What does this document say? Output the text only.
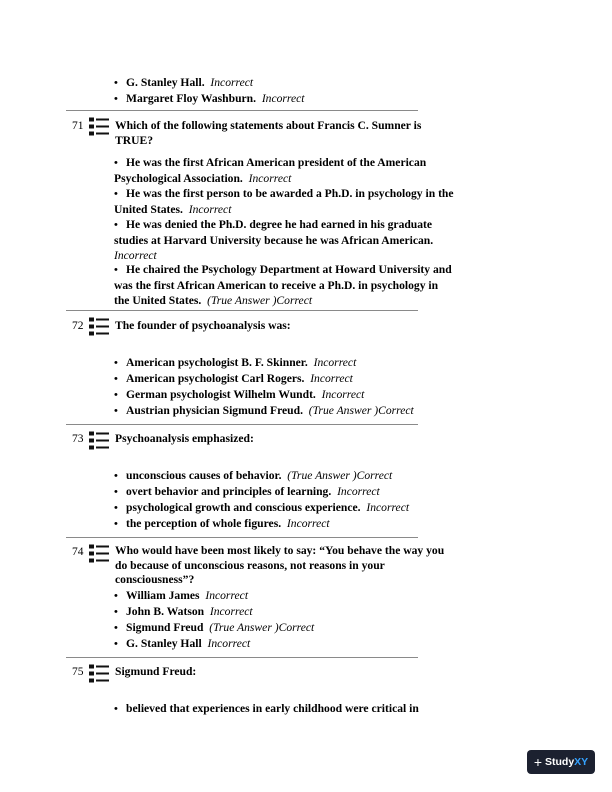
• G. Stanley Hall. Incorrect
• Margaret Floy Washburn. Incorrect
71	Which of the following statements about Francis C. Sumner is TRUE?
• He was the first African American president of the American Psychological Association. Incorrect
• He was the first person to be awarded a Ph.D. in psychology in the United States. Incorrect
• He was denied the Ph.D. degree he had earned in his graduate studies at Harvard University because he was African American.  Incorrect
• He chaired the Psychology Department at Howard University and was the first African American to receive a Ph.D. in psychology in the United States. (True Answer )Correct
72	The founder of psychoanalysis was:
• American psychologist B. F. Skinner. Incorrect
• American psychologist Carl Rogers. Incorrect
• German psychologist Wilhelm Wundt. Incorrect
• Austrian physician Sigmund Freud. (True Answer )Correct
73	Psychoanalysis emphasized:
• unconscious causes of behavior. (True Answer )Correct
• overt behavior and principles of learning. Incorrect
• psychological growth and conscious experience. Incorrect
• the perception of whole figures. Incorrect
74	Who would have been most likely to say: “You behave the way you do because of unconscious reasons, not reasons in your consciousness”?
• William James Incorrect
• John B. Watson Incorrect
• Sigmund Freud (True Answer )Correct
• G. Stanley Hall Incorrect
75	Sigmund Freud:
• believed that experiences in early childhood were critical in
+ StudyXY
